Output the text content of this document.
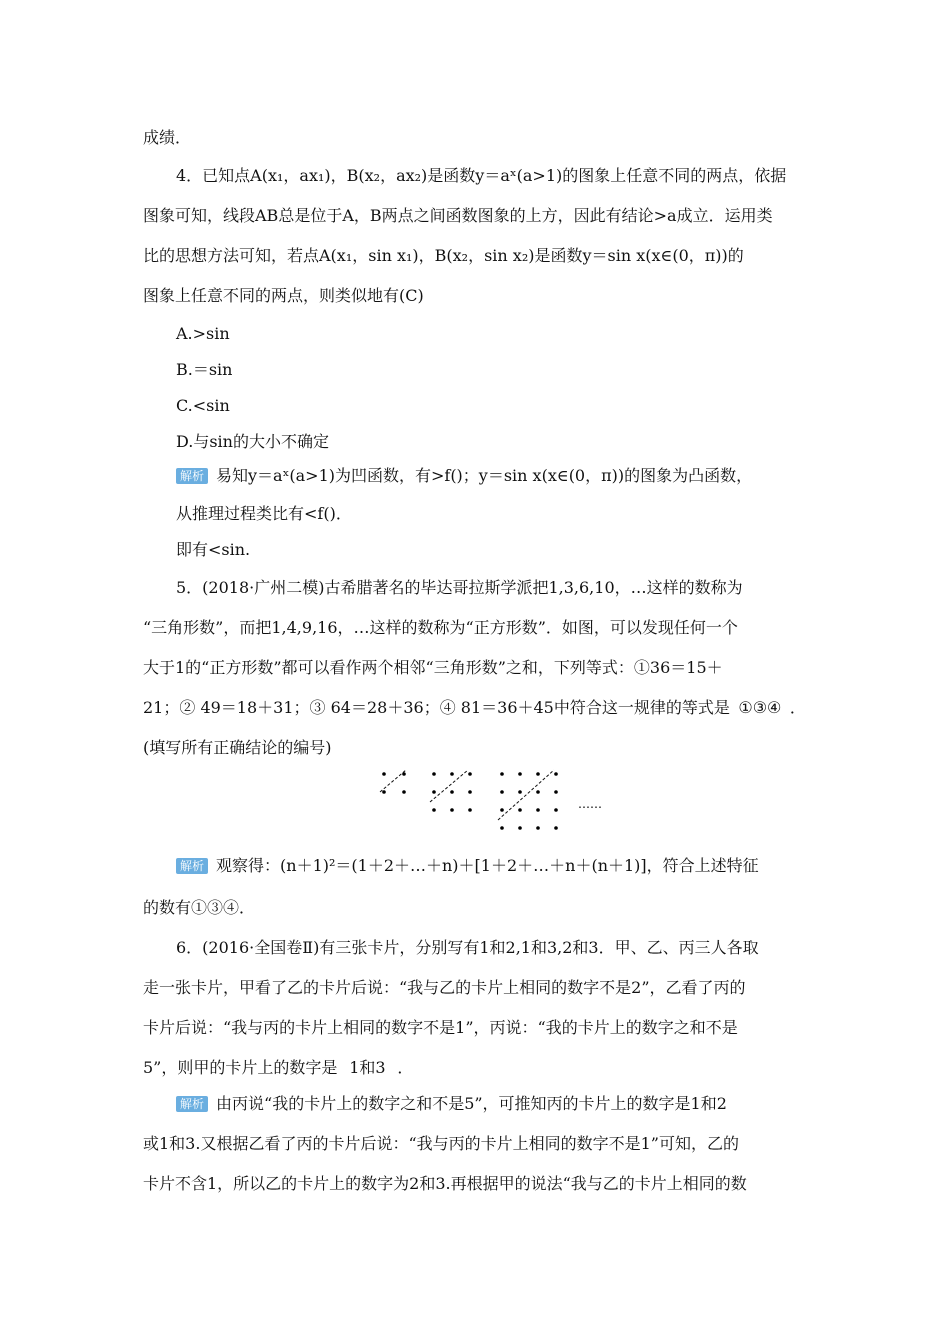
成绩．
4．已知点A(x₁，ax₁)，B(x₂，ax₂)是函数y＝aˣ(a>1)的图象上任意不同的两点，依据
图象可知，线段AB总是位于A，B两点之间函数图象的上方，因此有结论>a成立．运用类
比的思想方法可知，若点A(x₁，sin x₁)，B(x₂，sin x₂)是函数y＝sin x(x∈(0，π))的
图象上任意不同的两点，则类似地有(C)
A.>sin
B.＝sin
C.<sin
D.与sin的大小不确定
解析 易知y＝aˣ(a>1)为凹函数，有>f()；y＝sin x(x∈(0，π))的图象为凸函数，
从推理过程类比有<f()．
即有<sin.
5．(2018·广州二模)古希腊著名的毕达哥拉斯学派把1,3,6,10，…这样的数称为
“三角形数”，而把1,4,9,16，…这样的数称为“正方形数”．如图，可以发现任何一个
大于1的“正方形数”都可以看作两个相邻“三角形数”之和，下列等式：①36＝15＋
21；② 49＝18＋31；③ 64＝28＋36；④ 81＝36＋45中符合这一规律的等式是 ①③④ ．
(填写所有正确结论的编号)
解析 观察得：(n＋1)²＝(1＋2＋…＋n)＋[1＋2＋…＋n＋(n＋1)]，符合上述特征
的数有①③④．
6．(2016·全国卷Ⅱ)有三张卡片，分别写有1和2,1和3,2和3．甲、乙、丙三人各取
走一张卡片，甲看了乙的卡片后说：“我与乙的卡片上相同的数字不是2”，乙看了丙的
卡片后说：“我与丙的卡片上相同的数字不是1”，丙说：“我的卡片上的数字之和不是
5”，则甲的卡片上的数字是 1和3 ．
解析 由丙说“我的卡片上的数字之和不是5”，可推知丙的卡片上的数字是1和2
或1和3.又根据乙看了丙的卡片后说：“我与丙的卡片上相同的数字不是1”可知，乙的
卡片不含1，所以乙的卡片上的数字为2和3.再根据甲的说法“我与乙的卡片上相同的数
……
